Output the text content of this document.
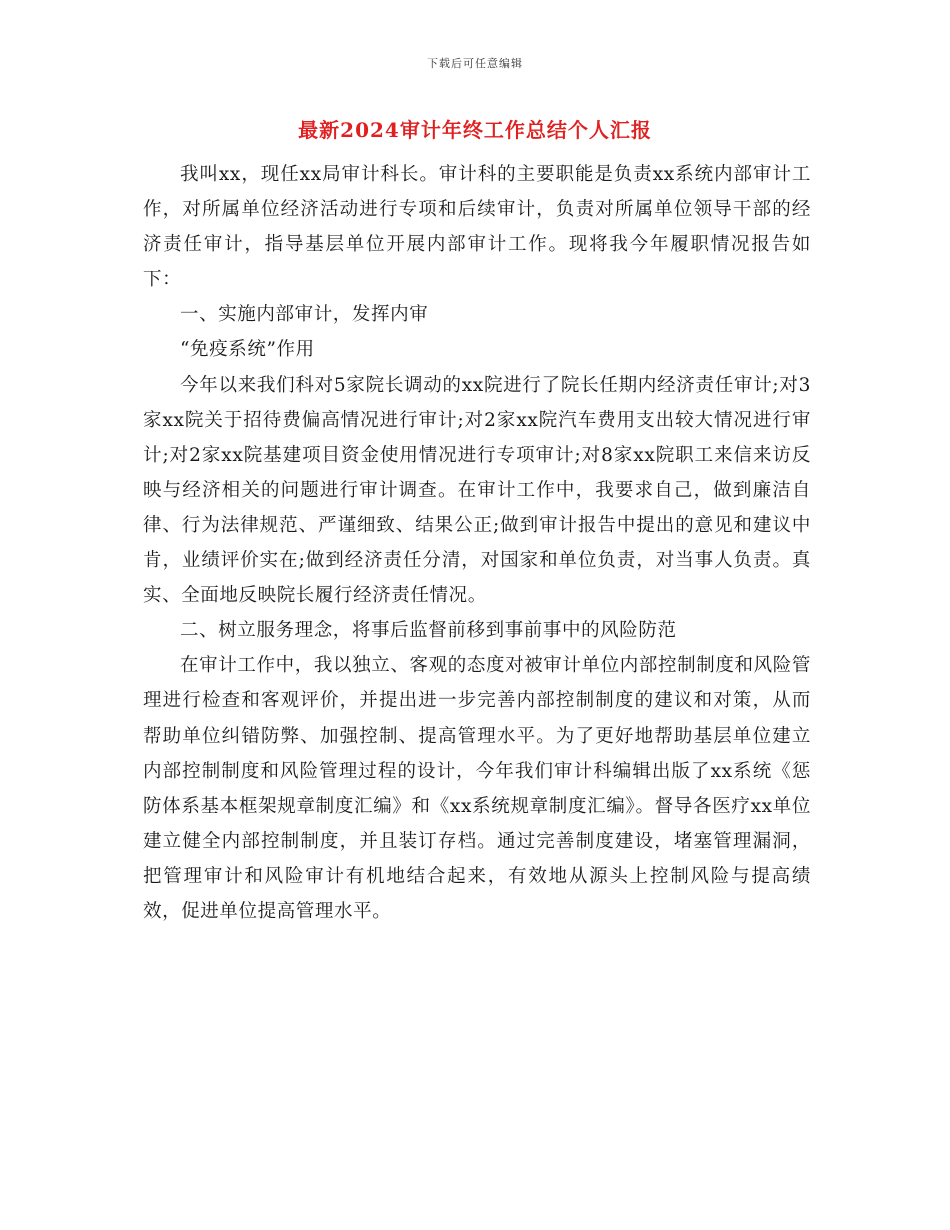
下载后可任意编辑
最新2024审计年终工作总结个人汇报

我叫xx，现任xx局审计科长。审计科的主要职能是负责xx系统内部审计工作，对所属单位经济活动进行专项和后续审计，负责对所属单位领导干部的经济责任审计，指导基层单位开展内部审计工作。现将我今年履职情况报告如下：

一、实施内部审计，发挥内审

“免疫系统”作用

今年以来我们科对5家院长调动的xx院进行了院长任期内经济责任审计;对3家xx院关于招待费偏高情况进行审计;对2家xx院汽车费用支出较大情况进行审计;对2家xx院基建项目资金使用情况进行专项审计;对8家xx院职工来信来访反映与经济相关的问题进行审计调查。在审计工作中，我要求自己，做到廉洁自律、行为法律规范、严谨细致、结果公正;做到审计报告中提出的意见和建议中肯，业绩评价实在;做到经济责任分清，对国家和单位负责，对当事人负责。真实、全面地反映院长履行经济责任情况。

二、树立服务理念，将事后监督前移到事前事中的风险防范

在审计工作中，我以独立、客观的态度对被审计单位内部控制制度和风险管理进行检查和客观评价，并提出进一步完善内部控制制度的建议和对策，从而帮助单位纠错防弊、加强控制、提高管理水平。为了更好地帮助基层单位建立内部控制制度和风险管理过程的设计，今年我们审计科编辑出版了xx系统《惩防体系基本框架规章制度汇编》和《xx系统规章制度汇编》。督导各医疗xx单位建立健全内部控制制度，并且装订存档。通过完善制度建设，堵塞管理漏洞，把管理审计和风险审计有机地结合起来，有效地从源头上控制风险与提高绩效，促进单位提高管理水平。
